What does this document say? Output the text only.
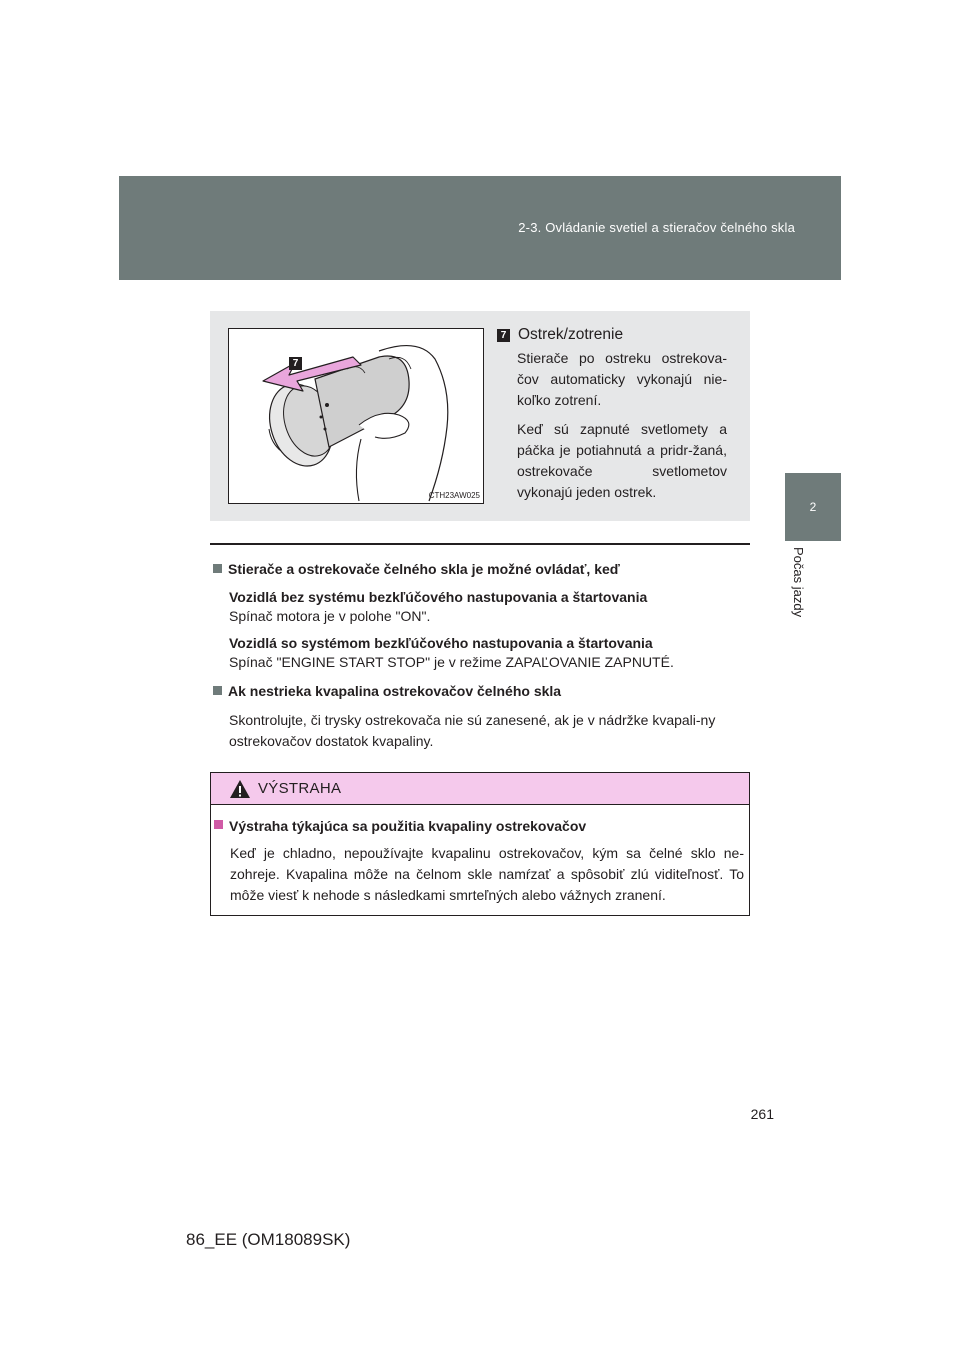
2-3. Ovládanie svetiel a stieračov čelného skla
2
Počas jazdy
7
CTH23AW025
7 Ostrek/zotrenie
Stierače po ostreku ostrekova-čov automaticky vykonajú nie-koľko zotrení.
Keď sú zapnuté svetlomety a páčka je potiahnutá a pridr-žaná, ostrekovače svetlometov vykonajú jeden ostrek.
Stierače a ostrekovače čelného skla je možné ovládať, keď
Vozidlá bez systému bezkľúčového nastupovania a štartovania
Spínač motora je v polohe "ON".
Vozidlá so systémom bezkľúčového nastupovania a štartovania
Spínač "ENGINE START STOP" je v režime ZAPAĽOVANIE ZAPNUTÉ.
Ak nestrieka kvapalina ostrekovačov čelného skla
Skontrolujte, či trysky ostrekovača nie sú zanesené, ak je v nádržke kvapali-ny ostrekovačov dostatok kvapaliny.
VÝSTRAHA
Výstraha týkajúca sa použitia kvapaliny ostrekovačov
Keď je chladno, nepoužívajte kvapalinu ostrekovačov, kým sa čelné sklo ne-zohreje. Kvapalina môže na čelnom skle namŕzať a spôsobiť zlú viditeľnosť. To môže viesť k nehode s následkami smrteľných alebo vážnych zranení.
261
86_EE (OM18089SK)
